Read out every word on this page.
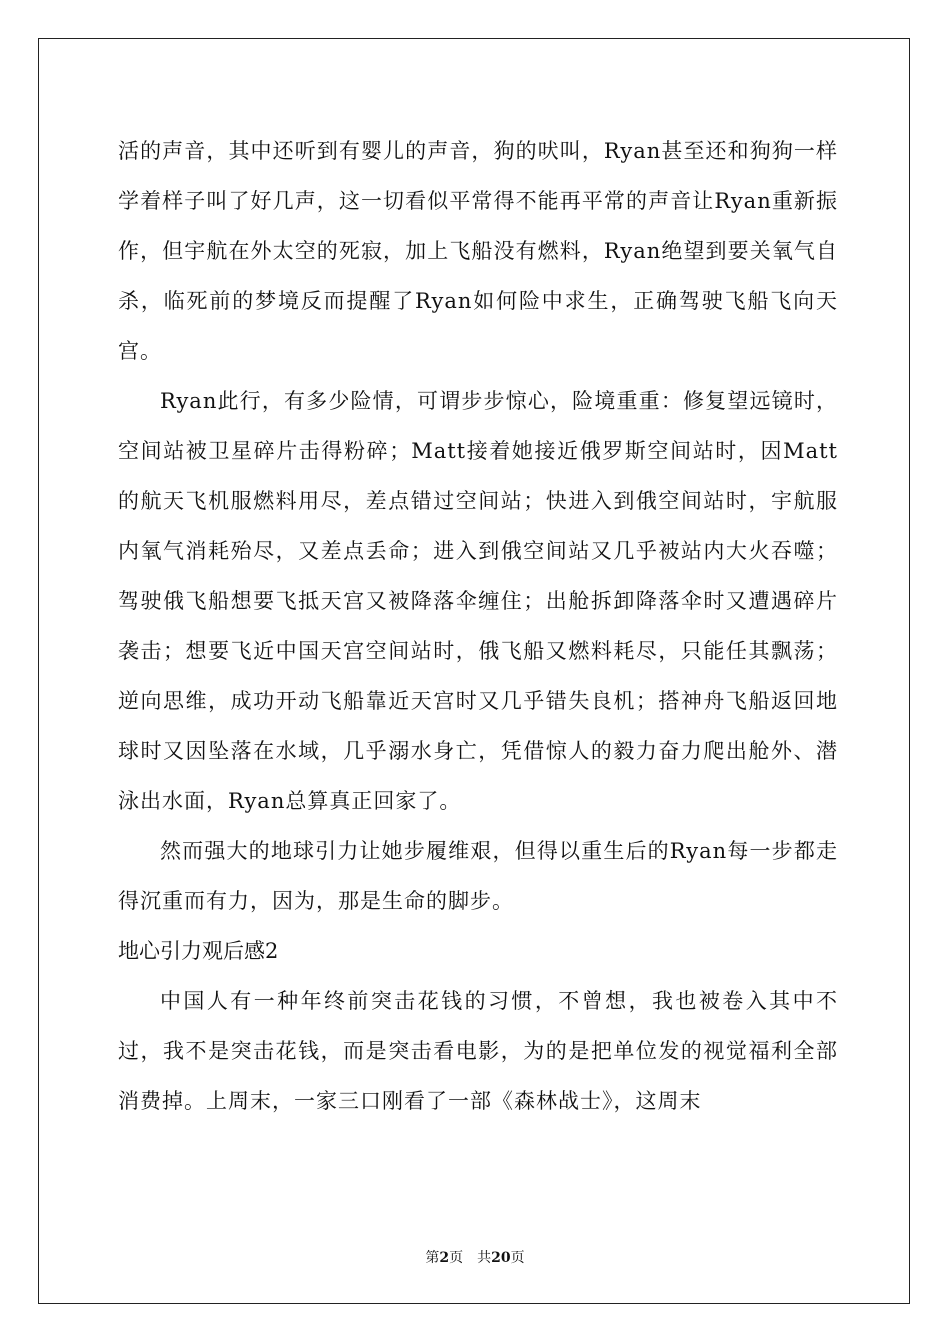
活的声音，其中还听到有婴儿的声音，狗的吠叫，Ryan甚至还和狗狗一样学着样子叫了好几声，这一切看似平常得不能再平常的声音让Ryan重新振作，但宇航在外太空的死寂，加上飞船没有燃料，Ryan绝望到要关氧气自杀，临死前的梦境反而提醒了Ryan如何险中求生，正确驾驶飞船飞向天宫。

Ryan此行，有多少险情，可谓步步惊心，险境重重：修复望远镜时，空间站被卫星碎片击得粉碎；Matt接着她接近俄罗斯空间站时，因Matt的航天飞机服燃料用尽，差点错过空间站；快进入到俄空间站时，宇航服内氧气消耗殆尽，又差点丢命；进入到俄空间站又几乎被站内大火吞噬；驾驶俄飞船想要飞抵天宫又被降落伞缠住；出舱拆卸降落伞时又遭遇碎片袭击；想要飞近中国天宫空间站时，俄飞船又燃料耗尽，只能任其飘荡；逆向思维，成功开动飞船靠近天宫时又几乎错失良机；搭神舟飞船返回地球时又因坠落在水域，几乎溺水身亡，凭借惊人的毅力奋力爬出舱外、潜泳出水面，Ryan总算真正回家了。

然而强大的地球引力让她步履维艰，但得以重生后的Ryan每一步都走得沉重而有力，因为，那是生命的脚步。

地心引力观后感2

中国人有一种年终前突击花钱的习惯，不曾想，我也被卷入其中不过，我不是突击花钱，而是突击看电影，为的是把单位发的视觉福利全部消费掉。上周末，一家三口刚看了一部《森林战士》，这周末

第2页　共20页
